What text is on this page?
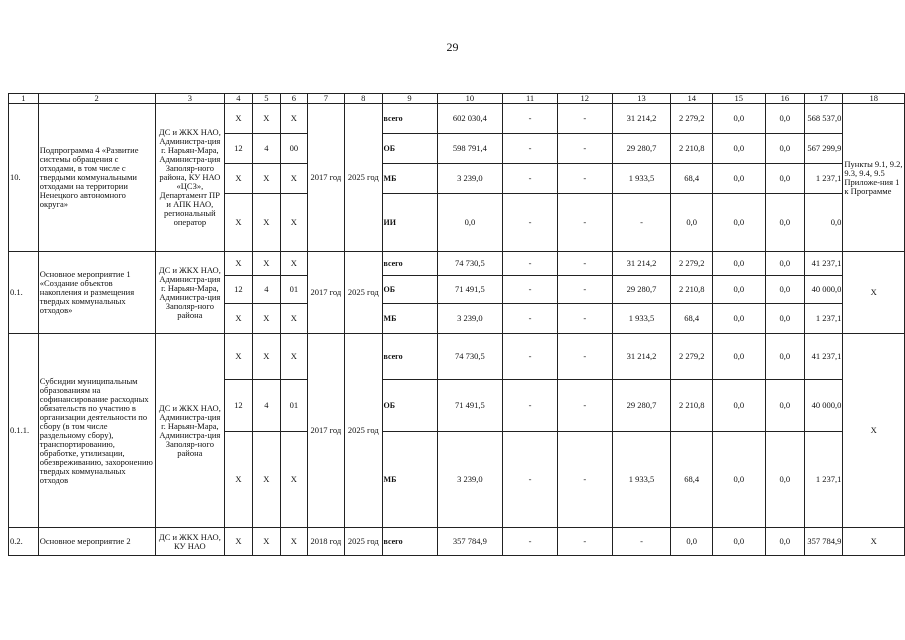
29
1	2	3	4	5	6	7	8	9	10	11	12	13	14	15	16	17	18
10.	Подпрограмма 4 «Развитие системы обращения с отходами, в том числе с твердыми коммунальными отходами на территории Ненецкого автономного округа»	ДС и ЖКХ НАО, Администра-ция г. Нарьян-Мара, Администра-ция Заполяр-ного района, КУ НАО «ЦСЗ», Департамент ПР и АПК НАО, региональный оператор	Х	Х	Х	2017 год	2025 год	всего	602 030,4	-	-	31 214,2	2 279,2	0,0	0,0	568 537,0	Пункты 9.1, 9.2, 9.3, 9.4, 9.5 Приложе-ния 1 к Программе
			12	4	00			ОБ	598 791,4	-	-	29 280,7	2 210,8	0,0	0,0	567 299,9	
			Х	Х	Х			МБ	3 239,0	-	-	1 933,5	68,4	0,0	0,0	1 237,1	
			Х	Х	Х			ИИ	0,0	-	-	-	0,0	0,0	0,0	0,0	
0.1.	Основное мероприятие 1 «Создание объектов накопления и размещения твердых коммунальных отходов»	ДС и ЖКХ НАО, Администра-ция г. Нарьян-Мара, Администра-ция Заполяр-ного района	Х	Х	Х	2017 год	2025 год	всего	74 730,5	-	-	31 214,2	2 279,2	0,0	0,0	41 237,1	Х
			12	4	01			ОБ	71 491,5	-	-	29 280,7	2 210,8	0,0	0,0	40 000,0	
			Х	Х	Х			МБ	3 239,0	-	-	1 933,5	68,4	0,0	0,0	1 237,1	
0.1.1.	Субсидии муниципальным образованиям на софинансирование расходных обязательств по участию в организации деятельности по сбору (в том числе раздельному сбору), транспортированию, обработке, утилизации, обезвреживанию, захоронению твердых коммунальных отходов	ДС и ЖКХ НАО, Администра-ция г. Нарьян-Мара, Администра-ция Заполяр-ного района	Х	Х	Х	2017 год	2025 год	всего	74 730,5	-	-	31 214,2	2 279,2	0,0	0,0	41 237,1	Х
			12	4	01			ОБ	71 491,5	-	-	29 280,7	2 210,8	0,0	0,0	40 000,0	
			Х	Х	Х			МБ	3 239,0	-	-	1 933,5	68,4	0,0	0,0	1 237,1	
0.2.	Основное мероприятие 2	ДС и ЖКХ НАО, КУ НАО	Х	Х	Х	2018 год	2025 год	всего	357 784,9	-	-	-	0,0	0,0	0,0	357 784,9	Х
